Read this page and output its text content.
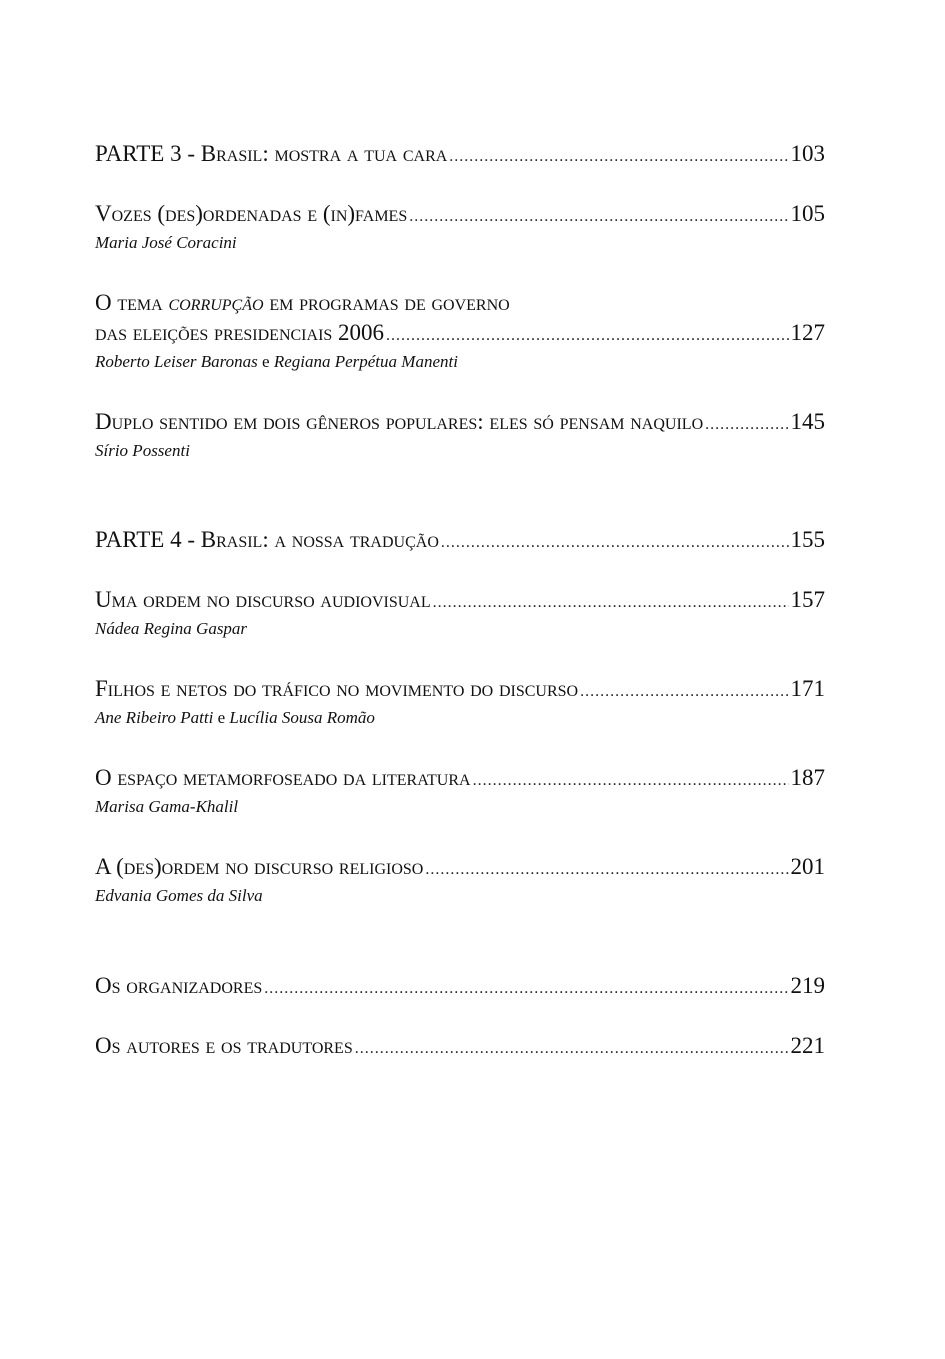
PARTE 3 - Brasil: mostra a tua cara .....	103
Vozes (des)ordenadas e (in)fames .....	105
Maria José Coracini
O tema corrupção em programas de governo
das eleições presidenciais 2006 .....	127
Roberto Leiser Baronas e Regiana Perpétua Manenti
Duplo sentido em dois gêneros populares: eles só pensam naquilo .....	145
Sírio Possenti
PARTE 4 - Brasil: a nossa tradução .....	155
Uma ordem no discurso audiovisual .....	157
Nádea Regina Gaspar
Filhos e netos do tráfico no movimento do discurso .....	171
Ane Ribeiro Patti e Lucília Sousa Romão
O espaço metamorfoseado da literatura .....	187
Marisa Gama-Khalil
A (des)ordem no discurso religioso .....	201
Edvania Gomes da Silva
Os organizadores .....	219
Os autores e os tradutores .....	221
